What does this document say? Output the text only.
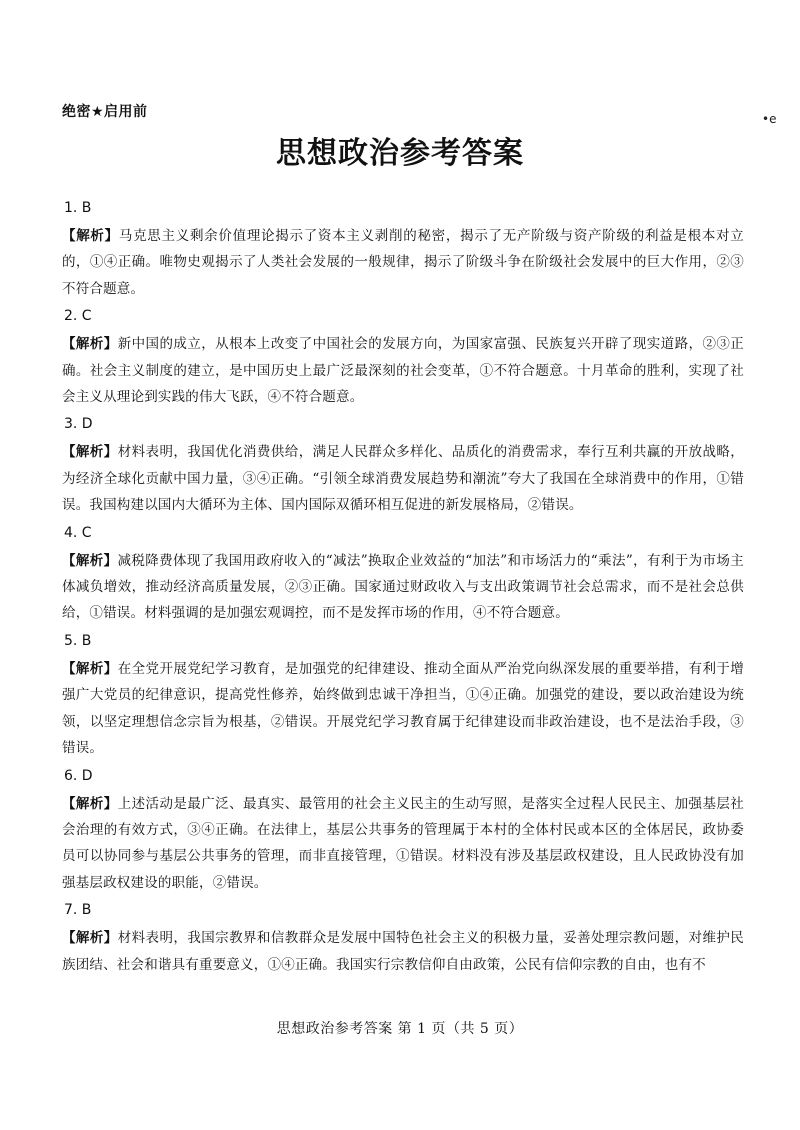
绝密★启用前	•e
思想政治参考答案
1. B
【解析】马克思主义剩余价值理论揭示了资本主义剥削的秘密，揭示了无产阶级与资产阶级的利益是根本对立的，①④正确。唯物史观揭示了人类社会发展的一般规律，揭示了阶级斗争在阶级社会发展中的巨大作用，②③不符合题意。
2. C
【解析】新中国的成立，从根本上改变了中国社会的发展方向，为国家富强、民族复兴开辟了现实道路，②③正确。社会主义制度的建立，是中国历史上最广泛最深刻的社会变革，①不符合题意。十月革命的胜利，实现了社会主义从理论到实践的伟大飞跃，④不符合题意。
3. D
【解析】材料表明，我国优化消费供给，满足人民群众多样化、品质化的消费需求，奉行互利共赢的开放战略，为经济全球化贡献中国力量，③④正确。“引领全球消费发展趋势和潮流”夸大了我国在全球消费中的作用，①错误。我国构建以国内大循环为主体、国内国际双循环相互促进的新发展格局，②错误。
4. C
【解析】减税降费体现了我国用政府收入的“减法”换取企业效益的“加法”和市场活力的“乘法”，有利于为市场主体减负增效，推动经济高质量发展，②③正确。国家通过财政收入与支出政策调节社会总需求，而不是社会总供给，①错误。材料强调的是加强宏观调控，而不是发挥市场的作用，④不符合题意。
5. B
【解析】在全党开展党纪学习教育，是加强党的纪律建设、推动全面从严治党向纵深发展的重要举措，有利于增强广大党员的纪律意识，提高党性修养，始终做到忠诚干净担当，①④正确。加强党的建设，要以政治建设为统领，以坚定理想信念宗旨为根基，②错误。开展党纪学习教育属于纪律建设而非政治建设，也不是法治手段，③错误。
6. D
【解析】上述活动是最广泛、最真实、最管用的社会主义民主的生动写照，是落实全过程人民民主、加强基层社会治理的有效方式，③④正确。在法律上，基层公共事务的管理属于本村的全体村民或本区的全体居民，政协委员可以协同参与基层公共事务的管理，而非直接管理，①错误。材料没有涉及基层政权建设，且人民政协没有加强基层政权建设的职能，②错误。
7. B
【解析】材料表明，我国宗教界和信教群众是发展中国特色社会主义的积极力量，妥善处理宗教问题，对维护民族团结、社会和谐具有重要意义，①④正确。我国实行宗教信仰自由政策，公民有信仰宗教的自由，也有不
思想政治参考答案 第 1 页（共 5 页）
